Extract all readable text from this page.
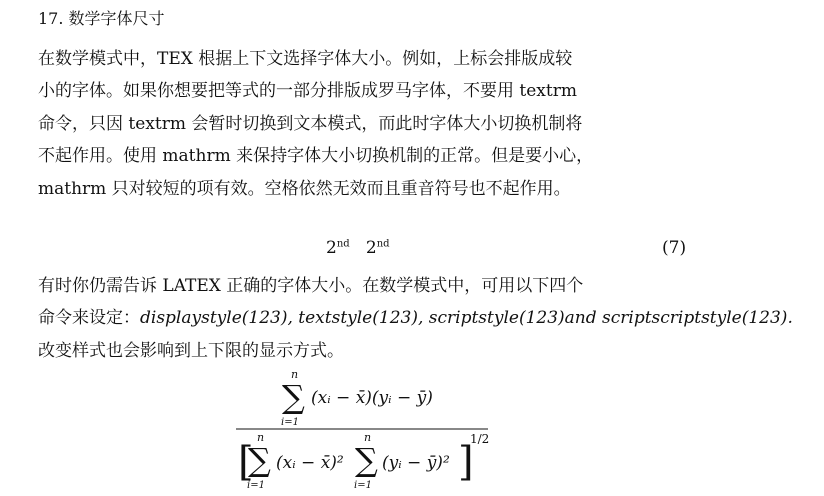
17. 数学字体尺寸
在数学模式中，TEX 根据上下文选择字体大小。例如，上标会排版成较
小的字体。如果你想要把等式的一部分排版成罗马字体，不要用 textrm
命令，只因 textrm 会暂时切换到文本模式，而此时字体大小切换机制将
不起作用。使用 mathrm 来保持字体大小切换机制的正常。但是要小心，
mathrm 只对较短的项有效。空格依然无效而且重音符号也不起作用。
2nd 2nd	(7)
有时你仍需告诉 LATEX 正确的字体大小。在数学模式中，可用以下四个
命令来设定：displaystyle(123), textstyle(123), scriptstyle(123)and scriptscriptstyle(123).
改变样式也会影响到上下限的显示方式。
n
∑
i=1
(xᵢ − x̄)(yᵢ − ȳ)
[
n
∑
i=1
(xᵢ − x̄)²
n
∑
i=1
(yᵢ − ȳ)² ]
1/2
